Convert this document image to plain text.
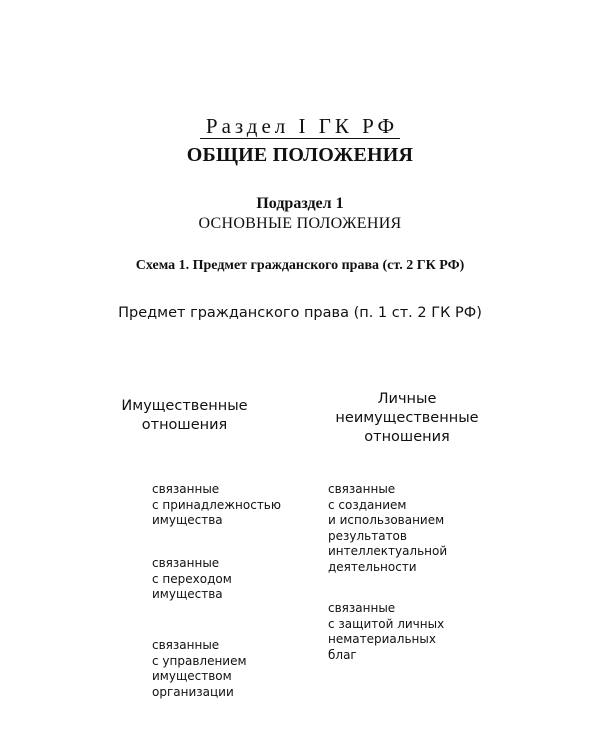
Раздел I ГК РФ
ОБЩИЕ ПОЛОЖЕНИЯ
Подраздел 1
ОСНОВНЫЕ ПОЛОЖЕНИЯ
Схема 1. Предмет гражданского права (ст. 2 ГК РФ)
Предмет гражданского права (п. 1 ст. 2 ГК РФ)
Имущественные
отношения
Личные
неимущественные
отношения
связанные
с принадлежностью
имущества
связанные
с переходом
имущества
связанные
с управлением
имуществом
организации
связанные
с созданием
и использованием
результатов
интеллектуальной
деятельности
связанные
с защитой личных
нематериальных
благ
